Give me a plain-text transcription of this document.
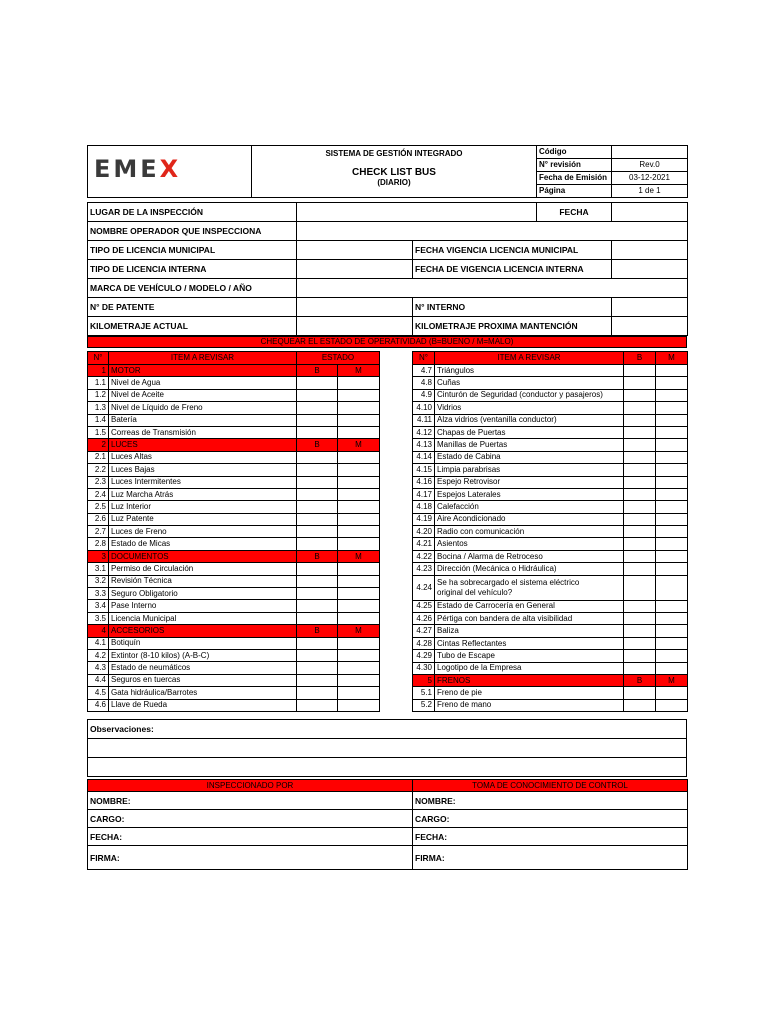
EMEX	SISTEMA DE GESTIÓN INTEGRADO
CHECK LIST BUS
(DIARIO)	Código	
		N° revisión	Rev.0
		Fecha de Emisión	03-12-2021
		Página	1 de 1
LUGAR DE LA INSPECCIÓN			FECHA	
NOMBRE OPERADOR QUE INSPECCIONA				
TIPO DE LICENCIA MUNICIPAL		FECHA VIGENCIA LICENCIA MUNICIPAL		
TIPO DE LICENCIA INTERNA		FECHA DE VIGENCIA LICENCIA INTERNA		
MARCA DE VEHÍCULO / MODELO / AÑO				
N° DE PATENTE		N° INTERNO		
KILOMETRAJE ACTUAL		KILOMETRAJE PROXIMA MANTENCIÓN		
CHEQUEAR EL ESTADO DE OPERATIVIDAD (B=BUENO / M=MALO)
N°	ITEM A REVISAR	ESTADO	
1	MOTOR	B	M
1.1	Nivel de Agua		
1.2	Nivel de Aceite		
1.3	Nivel de Líquido de Freno		
1.4	Batería		
1.5	Correas de Transmisión		
2	LUCES	B	M
2.1	Luces Altas		
2.2	Luces Bajas		
2.3	Luces Intermitentes		
2.4	Luz Marcha Atrás		
2.5	Luz Interior		
2.6	Luz Patente		
2.7	Luces de Freno		
2.8	Estado de Micas		
3	DOCUMENTOS	B	M
3.1	Permiso de Circulación		
3.2	Revisión Técnica		
3.3	Seguro Obligatorio		
3.4	Pase Interno		
3.5	Licencia Municipal		
4	ACCESORIOS	B	M
4.1	Botiquín		
4.2	Extintor (8-10 kilos) (A-B-C)		
4.3	Estado de neumáticos		
4.4	Seguros en tuercas		
4.5	Gata hidráulica/Barrotes		
4.6	Llave de Rueda		
N°	ITEM A REVISAR	B	M
4.7	Triángulos		
4.8	Cuñas		
4.9	Cinturón de Seguridad (conductor y pasajeros)		
4.10	Vidrios		
4.11	Alza vidrios (ventanilla conductor)		
4.12	Chapas de Puertas		
4.13	Manillas de Puertas		
4.14	Estado de Cabina		
4.15	Limpia parabrisas		
4.16	Espejo Retrovisor		
4.17	Espejos Laterales		
4.18	Calefacción		
4.19	Aire Acondicionado		
4.20	Radio con comunicación		
4.21	Asientos		
4.22	Bocina / Alarma de Retroceso		
4.23	Dirección (Mecánica o Hidráulica)		
4.24	Se ha sobrecargado el sistema eléctrico
original del vehículo?		

4.25	Estado de Carrocería en General		
4.26	Pértiga con bandera de alta visibilidad		
4.27	Baliza		
4.28	Cintas Reflectantes		
4.29	Tubo de Escape		
4.30	Logotipo de la Empresa		
5	FRENOS	B	M
5.1	Freno de pie		
5.2	Freno de mano		
Observaciones:

INSPECCIONADO POR	TOMA DE CONOCIMIENTO DE CONTROL
NOMBRE:	NOMBRE:
CARGO:	CARGO:
FECHA:	FECHA:
FIRMA:	FIRMA:
